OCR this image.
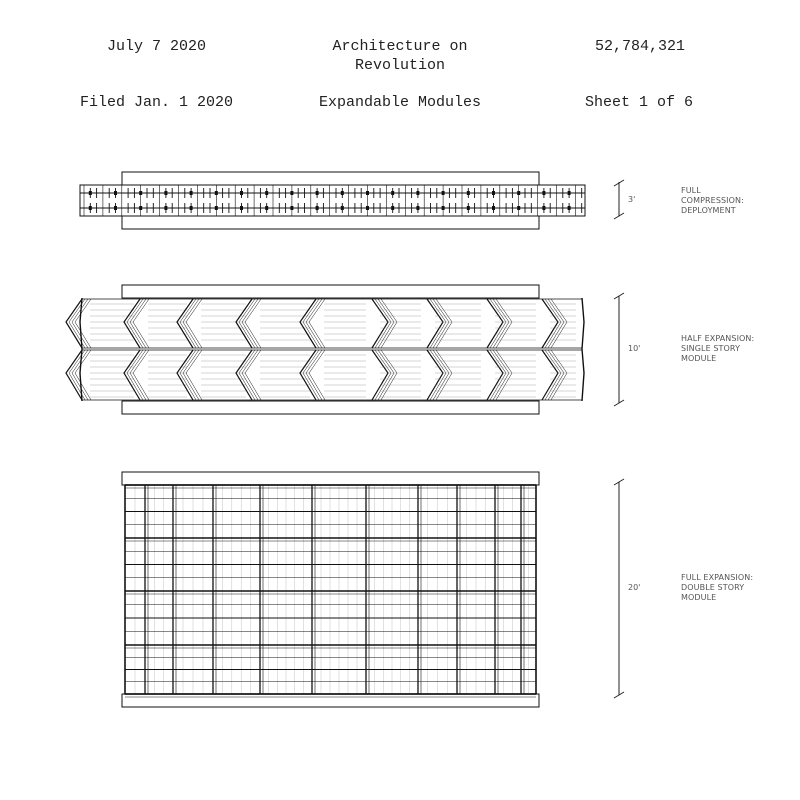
July 7 2020	Architecture on
Revolution
52,784,321
Filed Jan. 1 2020	Expandable Modules	Sheet 1 of 6
3'
10'
20'
FULL
COMPRESSION:
DEPLOYMENT
HALF EXPANSION:
SINGLE STORY
MODULE
FULL EXPANSION:
DOUBLE STORY
MODULE
